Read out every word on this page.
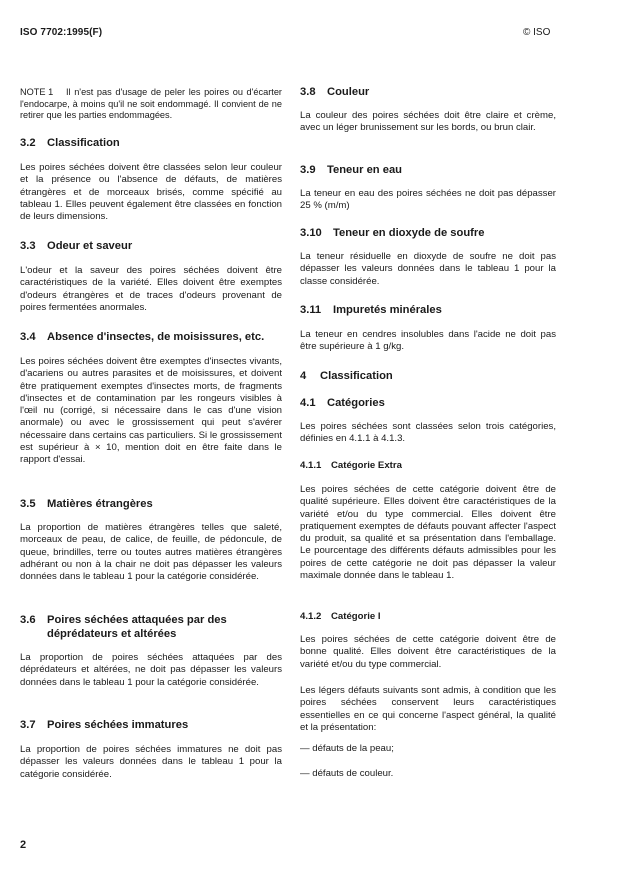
ISO 7702:1995(F)	© ISO

NOTE 1 Il n'est pas d'usage de peler les poires ou d'écarter l'endocarpe, à moins qu'il ne soit endommagé. Il convient de ne retirer que les parties endommagées.

3.2 Classification

Les poires séchées doivent être classées selon leur couleur et la présence ou l'absence de défauts, de matières étrangères et de morceaux brisés, comme spécifié au tableau 1. Elles peuvent également être classées en fonction de leurs dimensions.

3.3 Odeur et saveur

L'odeur et la saveur des poires séchées doivent être caractéristiques de la variété. Elles doivent être exemptes d'odeurs étrangères et de traces d'odeurs provenant de poires fermentées anormales.

3.4 Absence d'insectes, de moisissures, etc.

Les poires séchées doivent être exemptes d'insectes vivants, d'acariens ou autres parasites et de moisissures, et doivent être pratiquement exemptes d'insectes morts, de fragments d'insectes et de contamination par les rongeurs visibles à l'œil nu (corrigé, si nécessaire dans le cas d'une vision anormale) ou avec le grossissement qui peut s'avérer nécessaire dans certains cas particuliers. Si le grossissement est supérieur à × 10, mention doit en être faite dans le rapport d'essai.

3.5 Matières étrangères

La proportion de matières étrangères telles que saleté, morceaux de peau, de calice, de feuille, de pédoncule, de queue, brindilles, terre ou toutes autres matières étrangères adhérant ou non à la chair ne doit pas dépasser les valeurs données dans le tableau 1 pour la catégorie considérée.

3.6	Poires séchées attaquées par des déprédateurs et altérées

La proportion de poires séchées attaquées par des déprédateurs et altérées, ne doit pas dépasser les valeurs données dans le tableau 1 pour la catégorie considérée.

3.7 Poires séchées immatures

La proportion de poires séchées immatures ne doit pas dépasser les valeurs données dans le tableau 1 pour la catégorie considérée.

3.8 Couleur

La couleur des poires séchées doit être claire et crème, avec un léger brunissement sur les bords, ou brun clair.

3.9 Teneur en eau

La teneur en eau des poires séchées ne doit pas dépasser 25 % (m/m)

3.10 Teneur en dioxyde de soufre

La teneur résiduelle en dioxyde de soufre ne doit pas dépasser les valeurs données dans le tableau 1 pour la classe considérée.

3.11 Impuretés minérales

La teneur en cendres insolubles dans l'acide ne doit pas être supérieure à 1 g/kg.

4 Classification
4.1 Catégories

Les poires séchées sont classées selon trois catégories, définies en 4.1.1 à 4.1.3.

4.1.1 Catégorie Extra

Les poires séchées de cette catégorie doivent être de qualité supérieure. Elles doivent être caractéristiques de la variété et/ou du type commercial. Elles doivent être pratiquement exemptes de défauts pouvant affecter l'aspect du produit, sa qualité et sa présentation dans l'emballage. Le pourcentage des différents défauts admissibles pour les poires de cette catégorie ne doit pas dépasser la valeur maximale donnée dans le tableau 1.

4.1.2 Catégorie I

Les poires séchées de cette catégorie doivent être de bonne qualité. Elles doivent être caractéristiques de la variété et/ou du type commercial.

Les légers défauts suivants sont admis, à condition que les poires séchées conservent leurs caractéristiques essentielles en ce qui concerne l'aspect général, la qualité et la présentation:

— défauts de la peau;

— défauts de couleur.

2
